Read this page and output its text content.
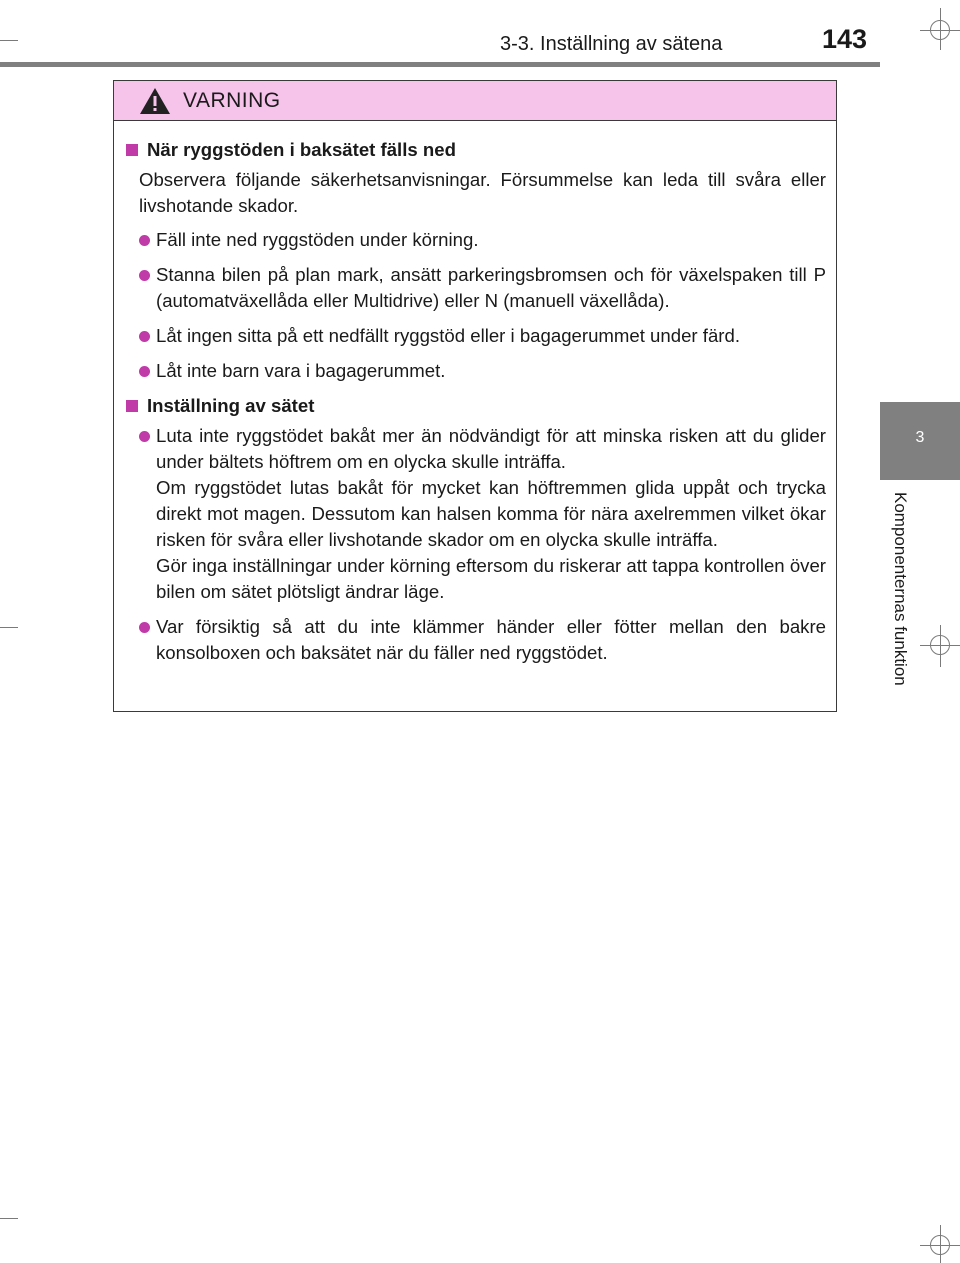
3-3. Inställning av sätena	143
3
Komponenternas funktion
VARNING
När ryggstöden i baksätet fälls ned
Observera följande säkerhetsanvisningar. Försummelse kan leda till svåra eller livshotande skador.
Fäll inte ned ryggstöden under körning.
Stanna bilen på plan mark, ansätt parkeringsbromsen och för växelspaken till P (automatväxellåda eller Multidrive) eller N (manuell växellåda).
Låt ingen sitta på ett nedfällt ryggstöd eller i bagagerummet under färd.
Låt inte barn vara i bagagerummet.
Inställning av sätet

Luta inte ryggstödet bakåt mer än nödvändigt för att minska risken att du glider under bältets höftrem om en olycka skulle inträffa.

Om ryggstödet lutas bakåt för mycket kan höftremmen glida uppåt och trycka direkt mot magen. Dessutom kan halsen komma för nära axelremmen vilket ökar risken för svåra eller livshotande skador om en olycka skulle inträffa.

Gör inga inställningar under körning eftersom du riskerar att tappa kontrollen över bilen om sätet plötsligt ändrar läge.

Var försiktig så att du inte klämmer händer eller fötter mellan den bakre konsolboxen och baksätet när du fäller ned ryggstödet.
